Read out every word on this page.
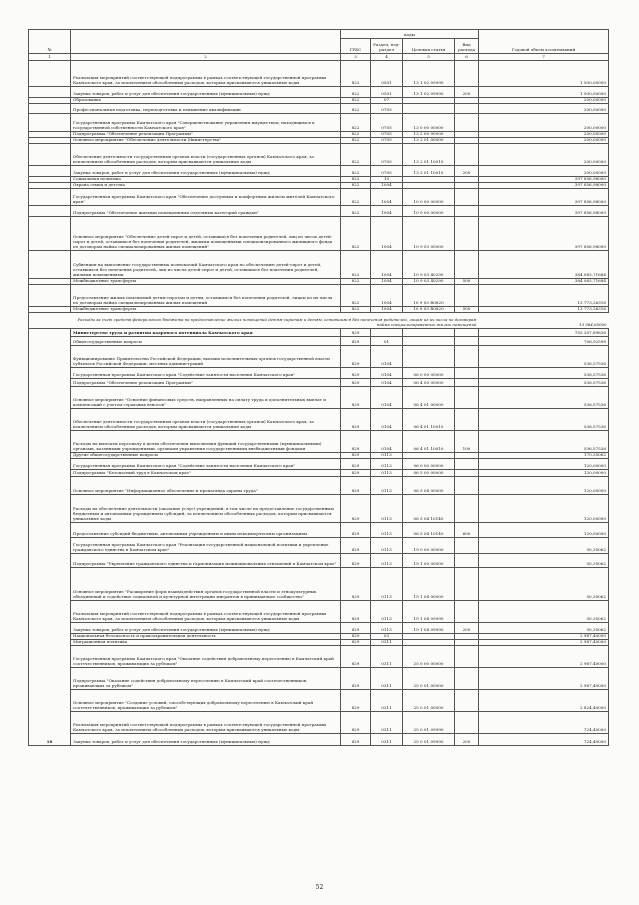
№		коды				Годовой объем ассигнований
		ГРБС	Раздел, под-раздел	Целевая статья	Вид расхода	
1	2	3	4	5	6	7
	Реализация мероприятий соответствующей подпрограммы в рамках соответствующей государственной программы Камчатского края, за исключением обособленных расходов, которым присваиваются уникальные коды	822	0501	13 1 02 09990		1 500,00000
	Закупка товаров, работ и услуг для обеспечения государственных (муниципальных) нужд	822	0501	13 1 02 09990	200	1 500,00000
	Образование	822	07			200,00000
	Профессиональная подготовка, переподготовка и повышение квалификации	822	0705			200,00000
	Государственная программа Камчатского края "Совершенствование управления имуществом, находящимся в государственной собственности Камчатского края"	822	0705	13 0 00 00000		200,00000
	Подпрограмма "Обеспечение реализации Программы"	822	0705	13 2 00 00000		200,00000
	Основное мероприятие "Обеспечение деятельности Министерства"	822	0705	13 2 01 00000		200,00000
	Обеспечение деятельности государственных органов власти (государственных органов) Камчатского края, за исключением обособленных расходов, которым присваиваются уникальные коды	822	0705	13 2 01 10010		200,00000
	Закупка товаров, работ и услуг для обеспечения государственных (муниципальных) нужд	822	0705	13 2 01 10010	200	200,00000
	Социальная политика	822	10			397 856,98000
	Охрана семьи и детства	822	1004			397 856,98000
	Государственная программа Камчатского края "Обеспечение доступным и комфортным жильем жителей Камчатского края"	822	1004	10 0 00 00000		397 856,98000
	Подпрограмма "Обеспечение жилыми помещениями отдельных категорий граждан"	822	1004	10 9 00 00000		397 856,98000
	Основное мероприятие "Обеспечение детей-сирот и детей, оставшихся без попечения родителей, лиц из числа детей-сирот и детей, оставшихся без попечения родителей, жилыми помещениями специализированного жилищного фонда по договорам найма специализированных жилых помещений"	822	1004	10 9 03 00000		397 856,98000
	Субвенции на выполнение государственных полномочий Камчатского края по обеспечению детей-сирот и детей, оставшихся без попечения родителей, лиц из числа детей-сирот и детей, оставшихся без попечения родителей, жилыми помещениями	822	1004	10 9 03 40290		384 083,71684
	Межбюджетные трансферты	822	1004	10 9 03 40290	500	384 083,71684
	Предоставление жилых помещений детям-сиротам и детям, оставшимся без попечения родителей, лицам из их числа по договорам найма специализированных жилых помещений	822	1004	10 9 03 R0820		13 773,26316
	Межбюджетные трансферты	822	1004	10 9 03 R0820	500	13 773,26316
	Расходы за счет средств федерального бюджета на предоставление жилых помещений детям-сиротам и детям, оставшимся без попечения родителей, лицам из их числа по договорам найма специализированных жилых помещений					13 084,60000
18	Министерство труда и развития кадрового потенциала Камчатского края	829				755 307,89836
	Общегосударственные вопросы	829	01			706,92598
	Функционирование Правительства Российской Федерации, высших исполнительных органов государственной власти субъектов Российской Федерации, местных администраций	829	0104			536,57536
	Государственная программа Камчатского края "Содействие занятости населения Камчатского края"	829	0104	06 0 00 00000		536,57536
	Подпрограмма "Обеспечение реализации Программы"	829	0104	06 4 00 00000		536,57536
	Основное мероприятие "Освоение финансовых средств, направленных на оплату труда и дополнительных выплат и компенсаций с учетом страховых взносов"	829	0104	06 4 01 00000		536,57536
	Обеспечение деятельности государственных органов власти (государственных органов) Камчатского края, за исключением обособленных расходов, которым присваиваются уникальные коды	829	0104	06 4 01 10010		536,57536
	Расходы на выплаты персоналу в целях обеспечения выполнения функций государственными (муниципальными) органами, казенными учреждениями, органами управления государственными внебюджетными фондами	829	0104	06 4 01 10010	100	536,57536
	Другие общегосударственные вопросы	829	0113			170,35062
	Государственная программа Камчатского края "Содействие занятости населения Камчатского края"	829	0113	06 0 00 00000		120,00000
	Подпрограмма "Безопасный труд в Камчатском крае"	829	0113	06 5 00 00000		120,00000
	Основное мероприятие "Информационное обеспечение и пропаганда охраны труда"	829	0113	06 5 04 00000		120,00000
	Расходы на обеспечение деятельности (оказание услуг) учреждений, в том числе на предоставление государственным бюджетным и автономным учреждениям субсидий, за исключением обособленных расходов, которым присваиваются уникальные коды	829	0113	06 5 04 10140		120,00000
	Предоставление субсидий бюджетным, автономным учреждениям и иным некоммерческим организациям	829	0113	06 5 04 10140	600	120,00000
	Государственная программа Камчатского края "Реализация государственной национальной политики и укрепление гражданского единства в Камчатском крае"	829	0113	19 0 00 00000		50,35062
	Подпрограмма "Укрепление гражданского единства и гармонизация межнациональных отношений в Камчатском крае"	829	0113	19 1 00 00000		50,35062
	Основное мероприятие "Расширение форм взаимодействия органов государственной власти и этнокультурных объединений и содействие социальной и культурной интеграции мигрантов в принимающее сообщество"	829	0113	19 1 04 00000		50,35062
	Реализация мероприятий соответствующей подпрограммы в рамках соответствующей государственной программы Камчатского края, за исключением обособленных расходов, которым присваиваются уникальные коды	829	0113	19 1 04 09990		50,35062
	Закупка товаров, работ и услуг для обеспечения государственных (муниципальных) нужд	829	0113	19 1 04 09990	200	50,35062
	Национальная безопасность и правоохранительная деятельность	829	03			2 987,40000
	Миграционная политика	829	0311			2 987,40000
	Государственная программа Камчатского края "Оказание содействия добровольному переселению в Камчатский край соотечественников, проживающих за рубежом"	829	0311	25 0 00 00000		2 987,40000
	Подпрограмма "Оказание содействия добровольному переселению в Камчатский край соотечественников, проживающих за рубежом"	829	0311	25 0 01 00000		2 987,40000
	Основное мероприятие "Создание условий, способствующих добровольному переселению в Камчатский край соотечественников, проживающих за рубежом"	829	0311	25 0 01 00000		2 824,40000
	Реализация мероприятий соответствующей подпрограммы в рамках соответствующей государственной программы Камчатского края, за исключением обособленных расходов, которым присваиваются уникальные коды	829	0311	25 0 01 09990		724,40000
	Закупка товаров, работ и услуг для обеспечения государственных (муниципальных) нужд	829	0311	25 0 01 09990	200	724,40000
52
